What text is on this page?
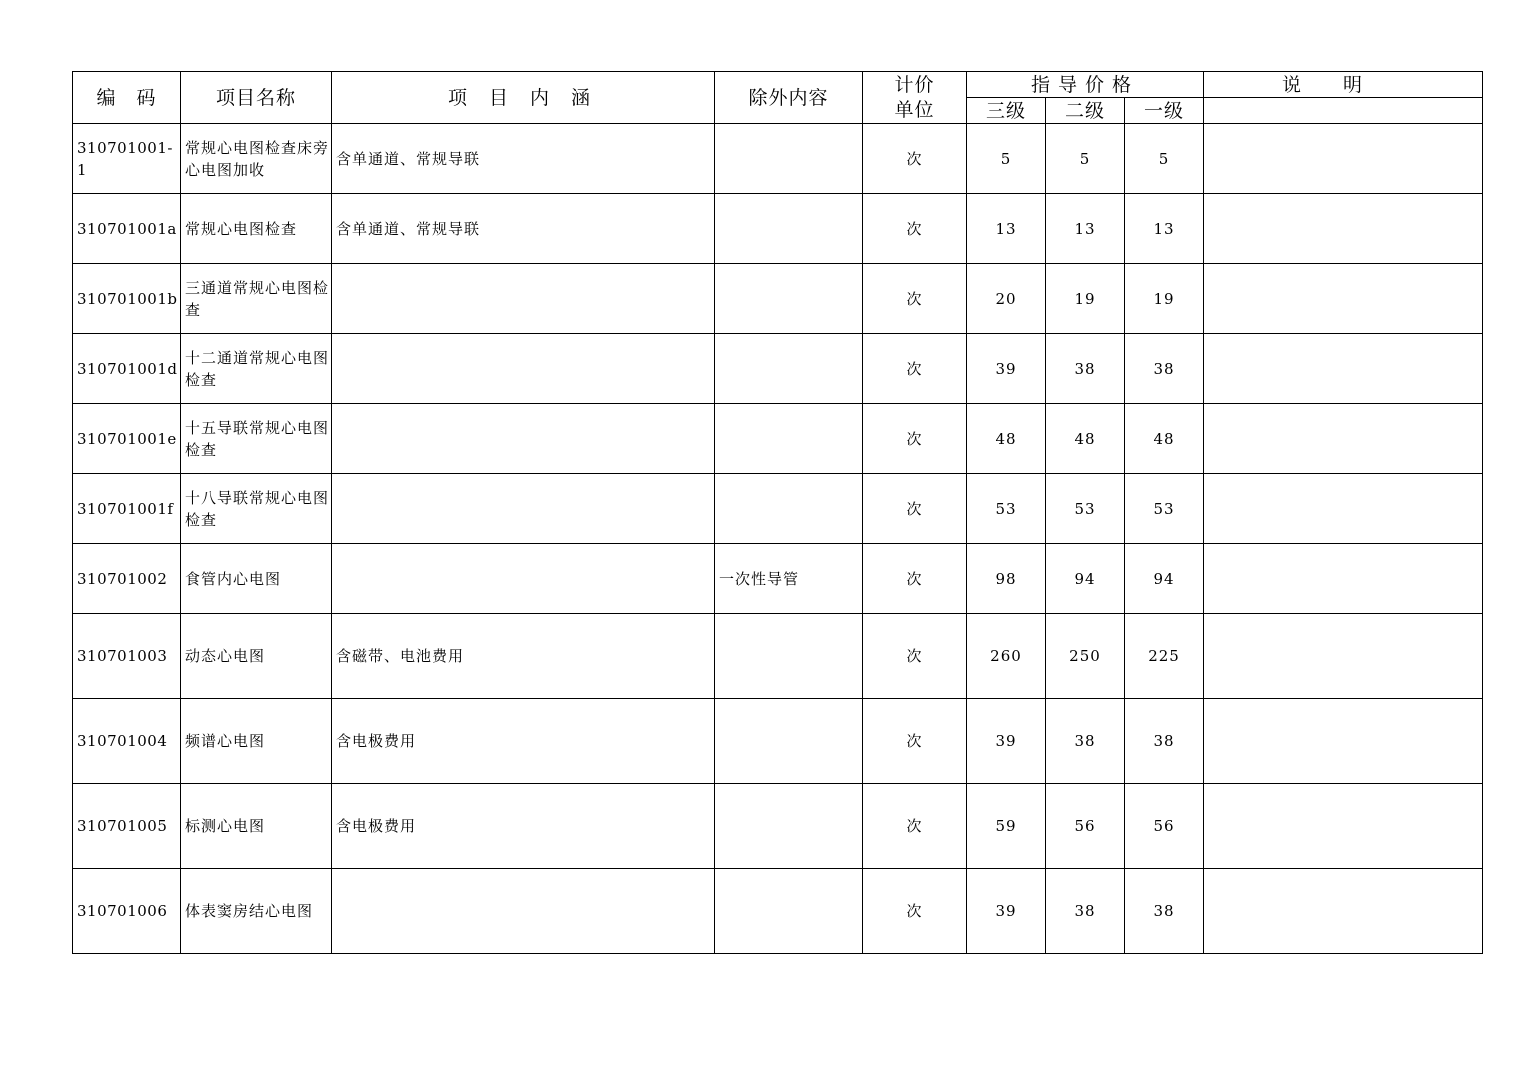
编　码	项目名称	项 目 内 涵	除外内容	计价
单位	指导价格			说明
					三级	二级	一级	
310701001-1	常规心电图检查床旁心电图加收	含单通道、常规导联		次	5	5	5	
310701001a	常规心电图检查	含单通道、常规导联		次	13	13	13	
310701001b	三通道常规心电图检查			次	20	19	19	
310701001d	十二通道常规心电图检查			次	39	38	38	
310701001e	十五导联常规心电图检查			次	48	48	48	
310701001f	十八导联常规心电图检查			次	53	53	53	
310701002	食管内心电图		一次性导管	次	98	94	94	
310701003	动态心电图	含磁带、电池费用		次	260	250	225	
310701004	频谱心电图	含电极费用		次	39	38	38	
310701005	标测心电图	含电极费用		次	59	56	56	
310701006	体表窦房结心电图			次	39	38	38	
